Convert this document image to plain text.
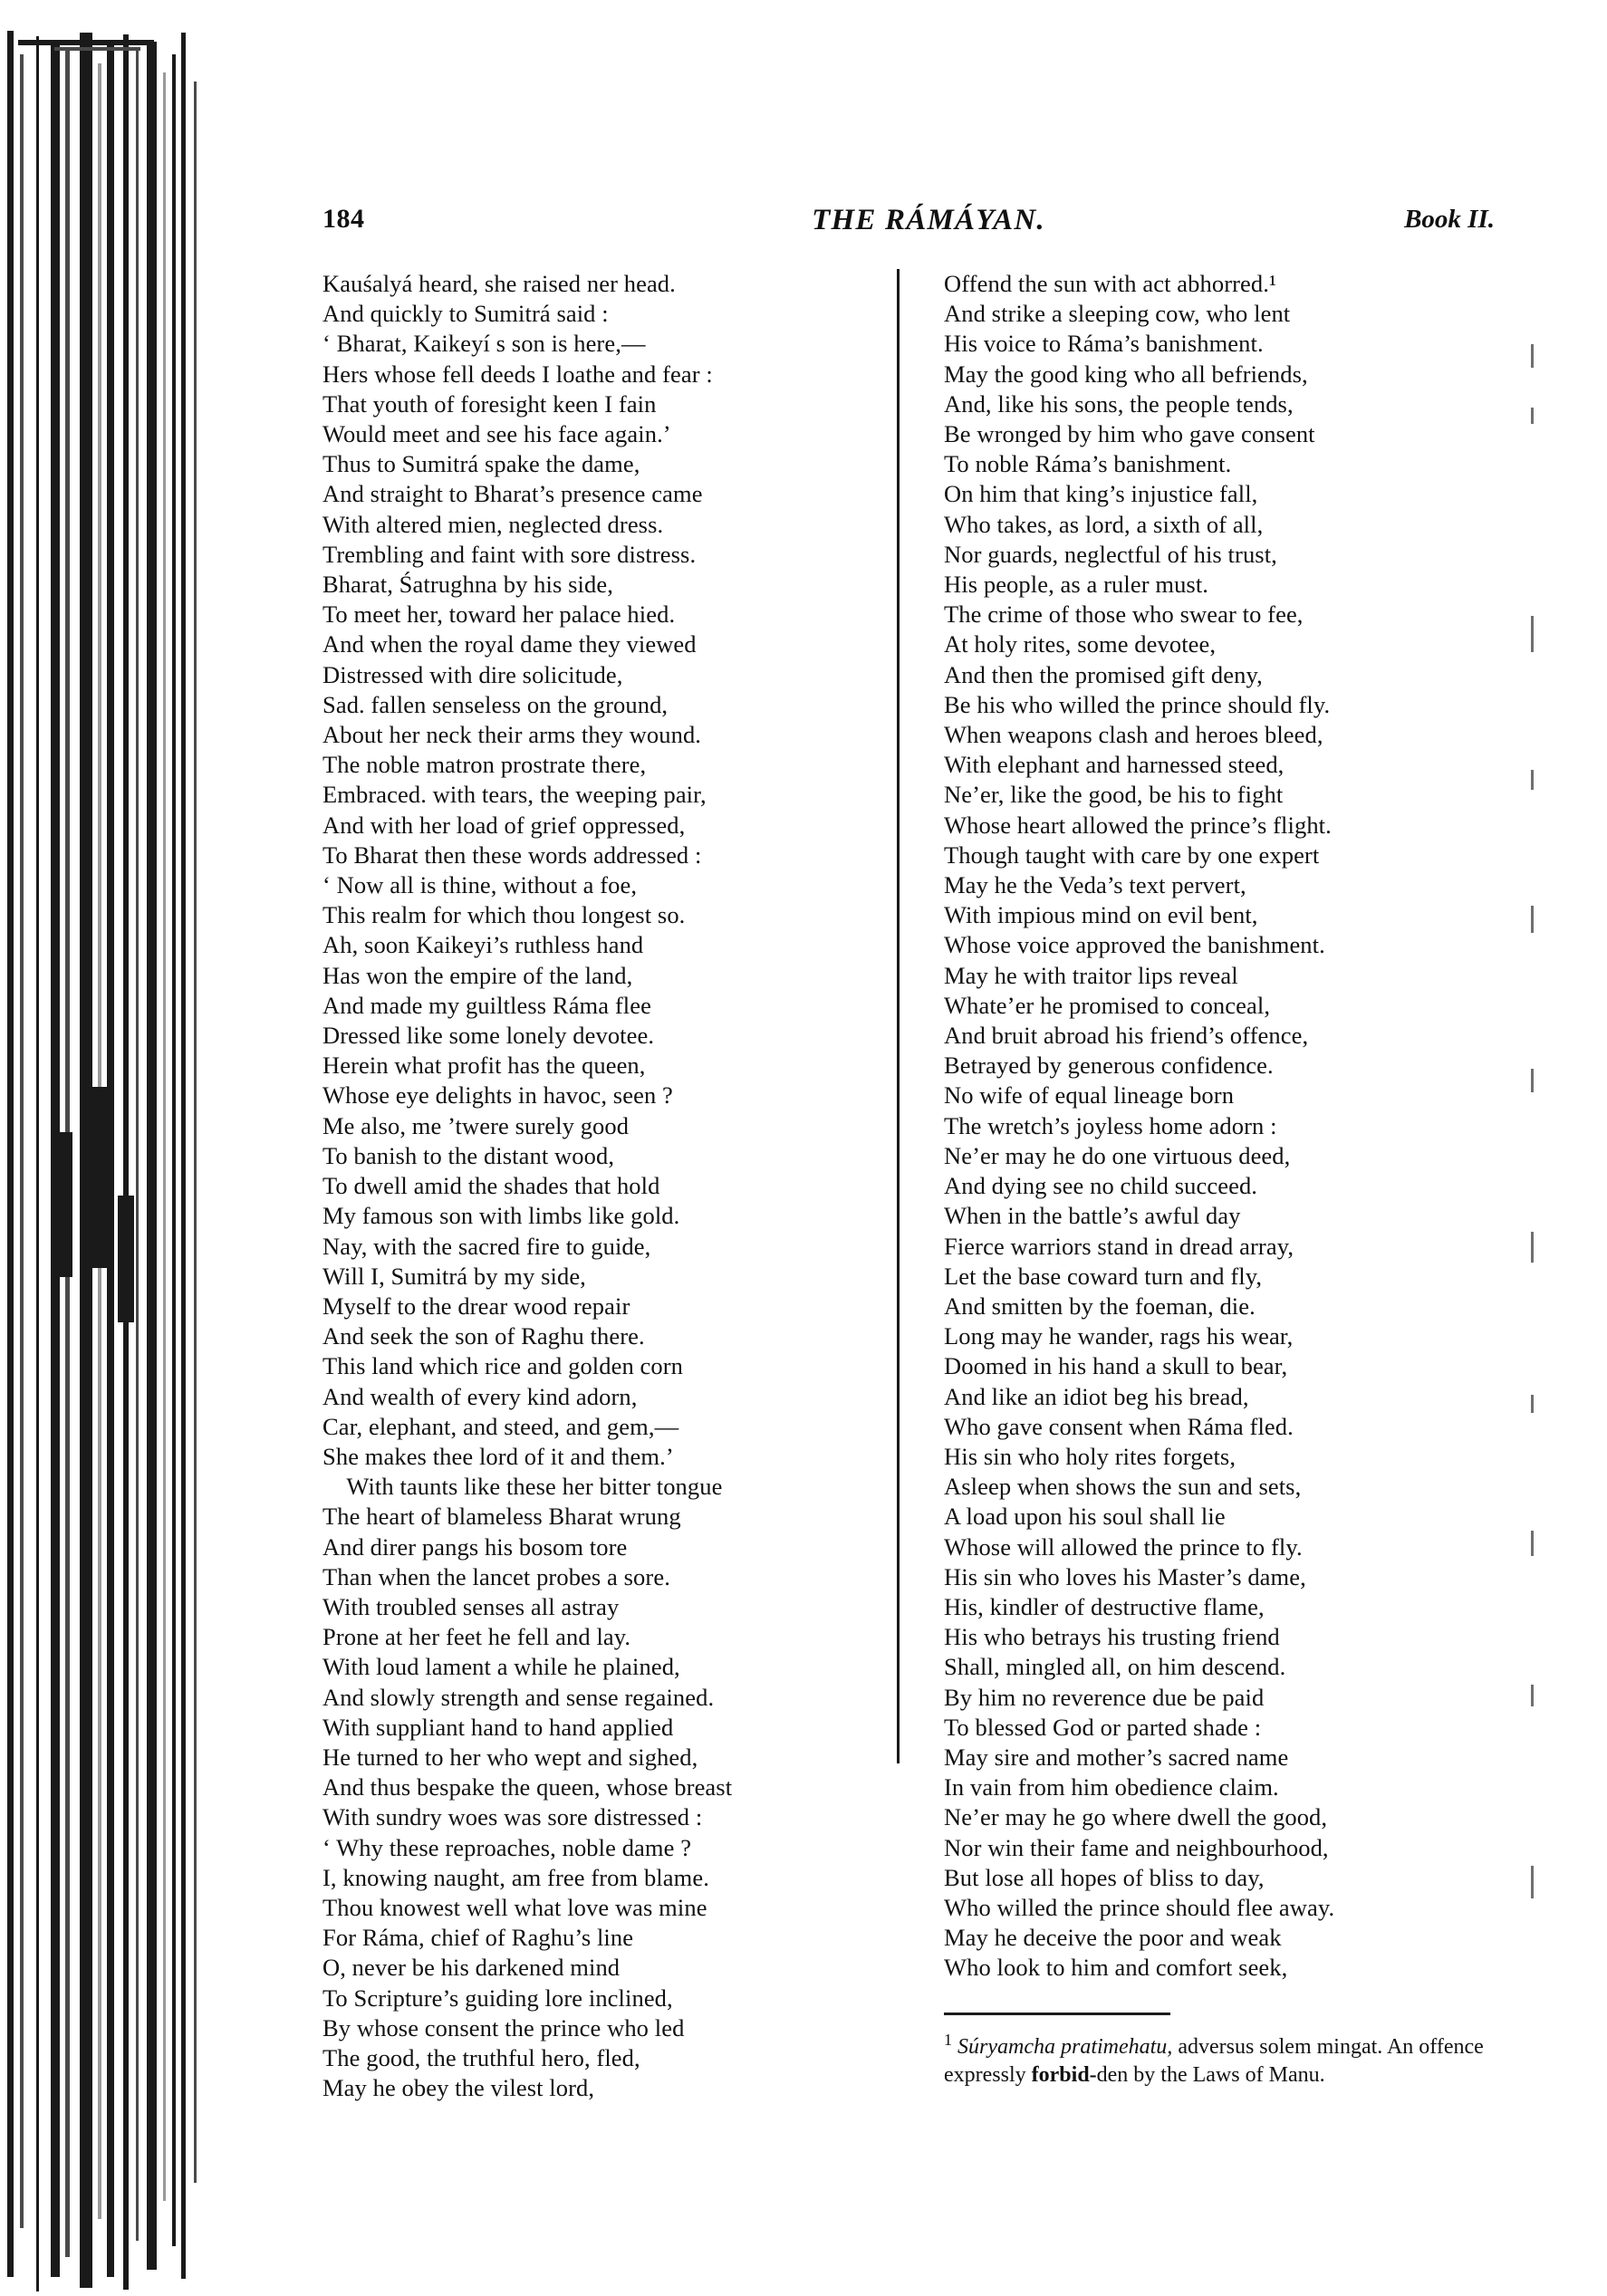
184	THE RÁMÁYAN.	Book II.
Kauśalyá heard, she raised ner head.
And quickly to Sumitrá said :
‘ Bharat, Kaikeyí s son is here,—
Hers whose fell deeds I loathe and fear :
That youth of foresight keen I fain
Would meet and see his face again.’
Thus to Sumitrá spake the dame,
And straight to Bharat’s presence came
With altered mien, neglected dress.
Trembling and faint with sore distress.
Bharat, Śatrughna by his side,
To meet her, toward her palace hied.
And when the royal dame they viewed
Distressed with dire solicitude,
Sad. fallen senseless on the ground,
About her neck their arms they wound.
The noble matron prostrate there,
Embraced. with tears, the weeping pair,
And with her load of grief oppressed,
To Bharat then these words addressed :
‘ Now all is thine, without a foe,
This realm for which thou longest so.
Ah, soon Kaikeyi’s ruthless hand
Has won the empire of the land,
And made my guiltless Ráma flee
Dressed like some lonely devotee.
Herein what profit has the queen,
Whose eye delights in havoc, seen ?
Me also, me ’twere surely good
To banish to the distant wood,
To dwell amid the shades that hold
My famous son with limbs like gold.
Nay, with the sacred fire to guide,
Will I, Sumitrá by my side,
Myself to the drear wood repair
And seek the son of Raghu there.
This land which rice and golden corn
And wealth of every kind adorn,
Car, elephant, and steed, and gem,—
She makes thee lord of it and them.’
With taunts like these her bitter tongue
The heart of blameless Bharat wrung
And direr pangs his bosom tore
Than when the lancet probes a sore.
With troubled senses all astray
Prone at her feet he fell and lay.
With loud lament a while he plained,
And slowly strength and sense regained.
With suppliant hand to hand applied
He turned to her who wept and sighed,
And thus bespake the queen, whose breast
With sundry woes was sore distressed :
‘ Why these reproaches, noble dame ?
I, knowing naught, am free from blame.
Thou knowest well what love was mine
For Ráma, chief of Raghu’s line
O, never be his darkened mind
To Scripture’s guiding lore inclined,
By whose consent the prince who led
The good, the truthful hero, fled,
May he obey the vilest lord,
Offend the sun with act abhorred.¹
And strike a sleeping cow, who lent
His voice to Ráma’s banishment.
May the good king who all befriends,
And, like his sons, the people tends,
Be wronged by him who gave consent
To noble Ráma’s banishment.
On him that king’s injustice fall,
Who takes, as lord, a sixth of all,
Nor guards, neglectful of his trust,
His people, as a ruler must.
The crime of those who swear to fee,
At holy rites, some devotee,
And then the promised gift deny,
Be his who willed the prince should fly.
When weapons clash and heroes bleed,
With elephant and harnessed steed,
Ne’er, like the good, be his to fight
Whose heart allowed the prince’s flight.
Though taught with care by one expert
May he the Veda’s text pervert,
With impious mind on evil bent,
Whose voice approved the banishment.
May he with traitor lips reveal
Whate’er he promised to conceal,
And bruit abroad his friend’s offence,
Betrayed by generous confidence.
No wife of equal lineage born
The wretch’s joyless home adorn :
Ne’er may he do one virtuous deed,
And dying see no child succeed.
When in the battle’s awful day
Fierce warriors stand in dread array,
Let the base coward turn and fly,
And smitten by the foeman, die.
Long may he wander, rags his wear,
Doomed in his hand a skull to bear,
And like an idiot beg his bread,
Who gave consent when Ráma fled.
His sin who holy rites forgets,
Asleep when shows the sun and sets,
A load upon his soul shall lie
Whose will allowed the prince to fly.
His sin who loves his Master’s dame,
His, kindler of destructive flame,
His who betrays his trusting friend
Shall, mingled all, on him descend.
By him no reverence due be paid
To blessed God or parted shade :
May sire and mother’s sacred name
In vain from him obedience claim.
Ne’er may he go where dwell the good,
Nor win their fame and neighbourhood,
But lose all hopes of bliss to day,
Who willed the prince should flee away.
May he deceive the poor and weak
Who look to him and comfort seek,
$^1$ Súryamcha pratimehatu, adversus solem mingat. An offence expressly forbid-den by the Laws of Manu.
